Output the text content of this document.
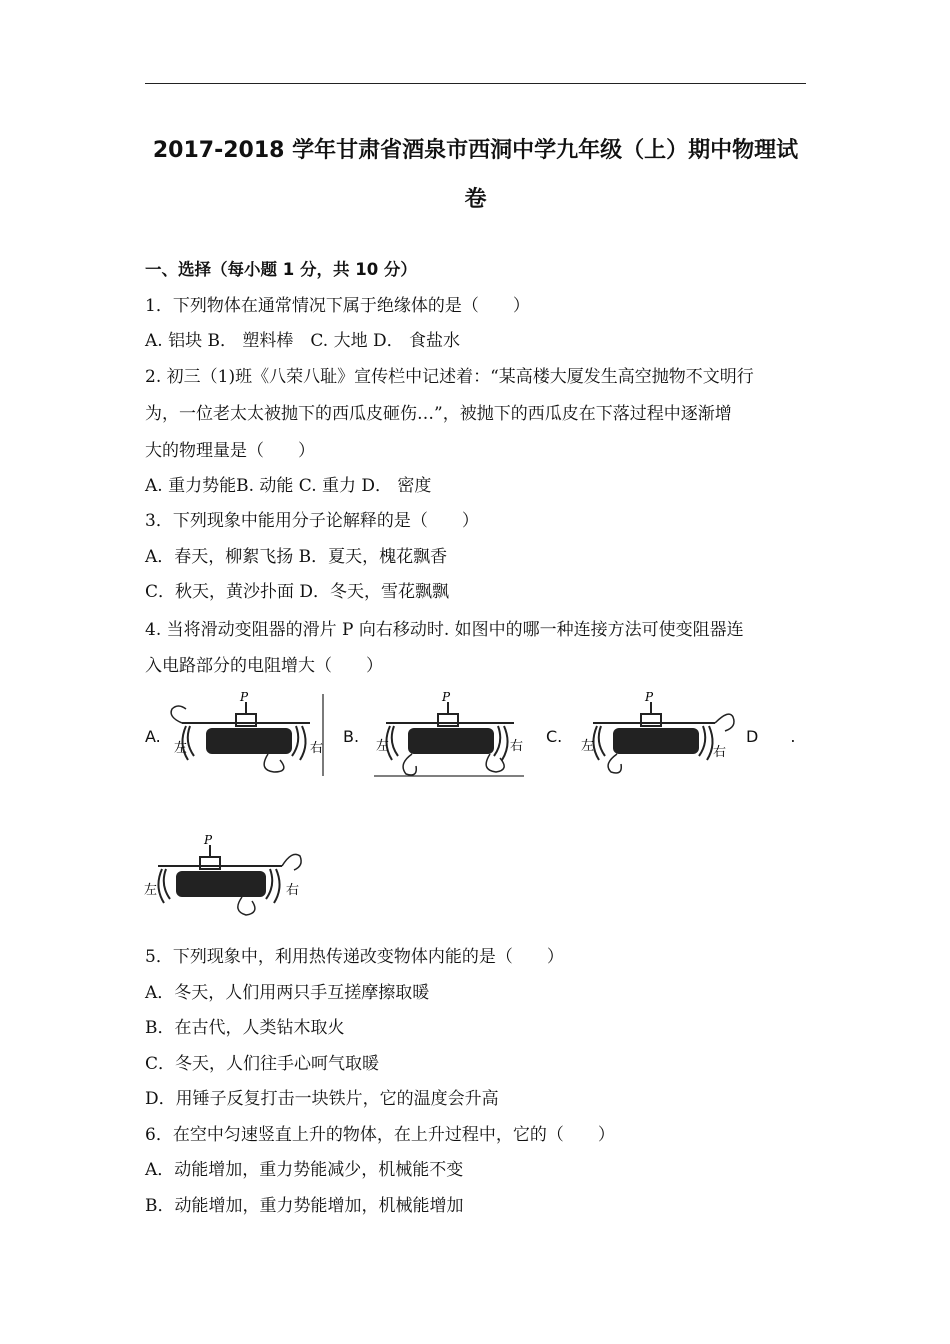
2017-2018 学年甘肃省酒泉市西洞中学九年级（上）期中物理试
卷
一、选择（每小题 1 分，共 10 分）
1．下列物体在通常情况下属于绝缘体的是（　　）
A. 铝块 B． 塑料棒　C. 大地 D． 食盐水
2. 初三（1)班《八荣八耻》宣传栏中记述着：“某高楼大厦发生高空抛物不文明行
为，一位老太太被抛下的西瓜皮砸伤…”，被抛下的西瓜皮在下落过程中逐渐增
大的物理量是（　　）
A. 重力势能B. 动能 C. 重力 D． 密度
3．下列现象中能用分子论解释的是（　　）
A．春天，柳絮飞扬 B．夏天，槐花飘香
C．秋天，黄沙扑面 D．冬天，雪花飘飘
4. 当将滑动变阻器的滑片 P 向右移动时. 如图中的哪一种连接方法可使变阻器连
入电路部分的电阻增大（　　）
A.	B.	C.	D　　.
P
左	右
P
左	右
P
左	右
P
左	右
5．下列现象中，利用热传递改变物体内能的是（　　）
A．冬天，人们用两只手互搓摩擦取暖
B．在古代，人类钻木取火
C．冬天，人们往手心呵气取暖
D．用锤子反复打击一块铁片，它的温度会升高
6．在空中匀速竖直上升的物体，在上升过程中，它的（　　）
A．动能增加，重力势能减少，机械能不变
B．动能增加，重力势能增加，机械能增加
